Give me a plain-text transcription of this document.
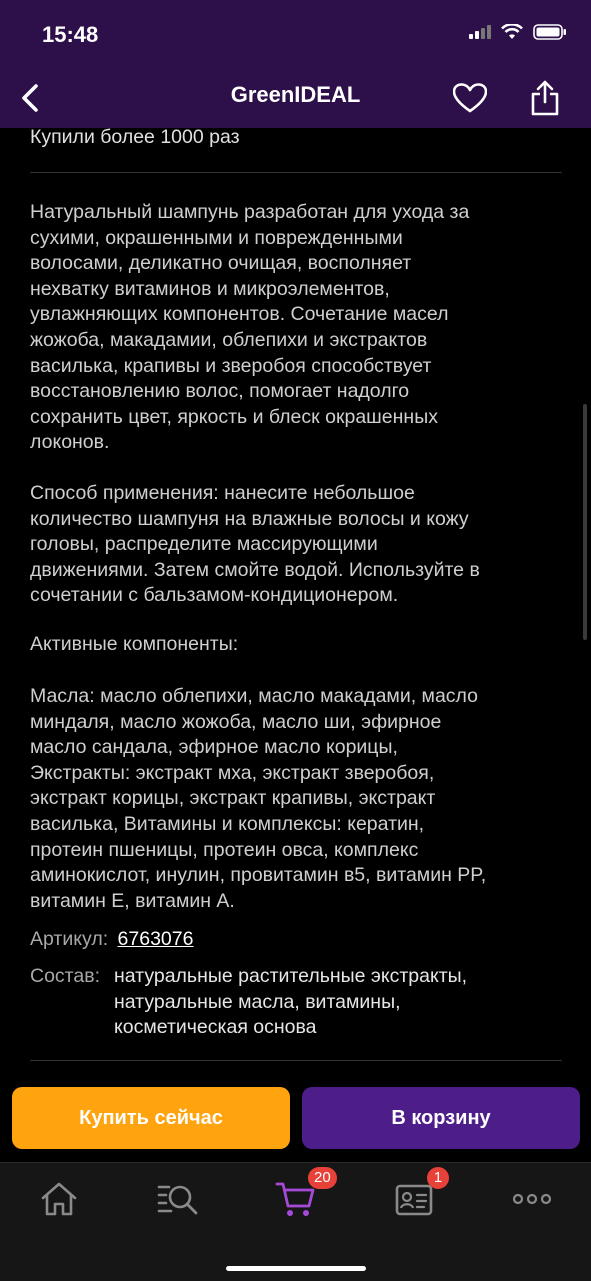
15:48
GreenIDEAL
Купили более 1000 раз
Натуральный шампунь разработан для ухода за
сухими, окрашенными и поврежденными
волосами, деликатно очищая, восполняет
нехватку витаминов и микроэлементов,
увлажняющих компонентов. Сочетание масел
жожоба, макадамии, облепихи и экстрактов
василька, крапивы и зверобоя способствует
восстановлению волос, помогает надолго
сохранить цвет, яркость и блеск окрашенных
локонов.
Способ применения: нанесите небольшое
количество шампуня на влажные волосы и кожу
головы, распределите массирующими
движениями. Затем смойте водой. Используйте в
сочетании с бальзамом-кондиционером.
Активные компоненты:
Масла: масло облепихи, масло макадами, масло
миндаля, масло жожоба, масло ши, эфирное
масло сандала, эфирное масло корицы,
Экстракты: экстракт мха, экстракт зверобоя,
экстракт корицы, экстракт крапивы, экстракт
василька, Витамины и комплексы: кератин,
протеин пшеницы, протеин овса, комплекс
аминокислот, инулин, провитамин в5, витамин PP,
витамин E, витамин A.
Артикул: 6763076
Состав: натуральные растительные экстракты,
натуральные масла, витамины,
косметическая основа
Купить сейчас	В корзину
20	1
